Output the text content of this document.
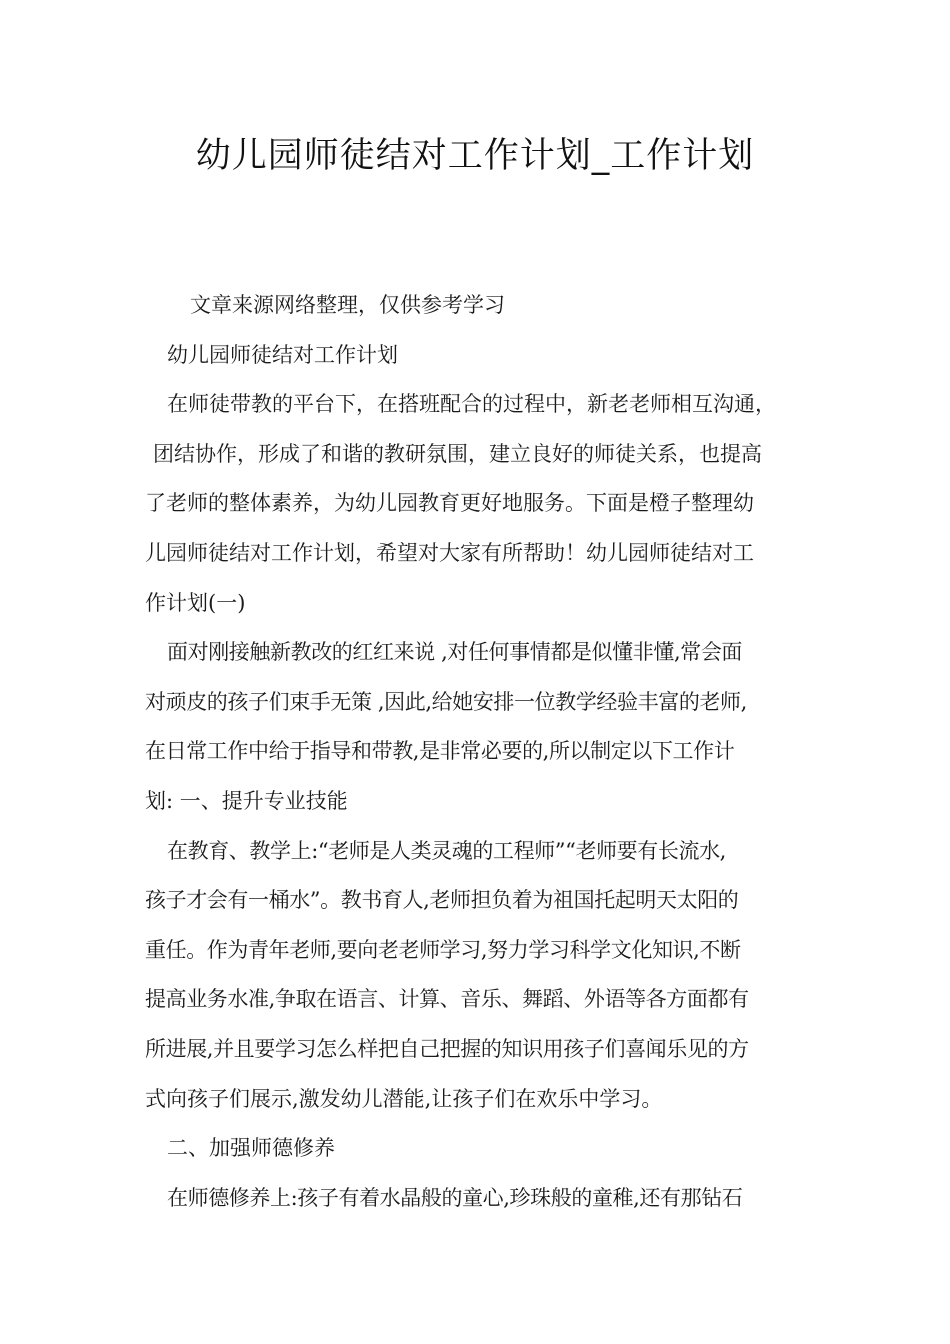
幼儿园师徒结对工作计划_工作计划
文章来源网络整理，仅供参考学习
幼儿园师徒结对工作计划
在师徒带教的平台下，在搭班配合的过程中，新老老师相互沟通，
团结协作，形成了和谐的教研氛围，建立良好的师徒关系，也提高
了老师的整体素养，为幼儿园教育更好地服务。下面是橙子整理幼
儿园师徒结对工作计划，希望对大家有所帮助！幼儿园师徒结对工
作计划(一)
面对刚接触新教改的红红来说 ,对任何事情都是似懂非懂,常会面
对顽皮的孩子们束手无策 ,因此,给她安排一位教学经验丰富的老师,
在日常工作中给于指导和带教,是非常必要的,所以制定以下工作计
划: 一、提升专业技能
在教育、教学上:“老师是人类灵魂的工程师”“老师要有长流水,
孩子才会有一桶水”。教书育人,老师担负着为祖国托起明天太阳的
重任。作为青年老师,要向老老师学习,努力学习科学文化知识,不断
提高业务水准,争取在语言、计算、音乐、舞蹈、外语等各方面都有
所进展,并且要学习怎么样把自己把握的知识用孩子们喜闻乐见的方
式向孩子们展示,激发幼儿潜能,让孩子们在欢乐中学习。
二、加强师德修养
在师德修养上:孩子有着水晶般的童心,珍珠般的童稚,还有那钻石
